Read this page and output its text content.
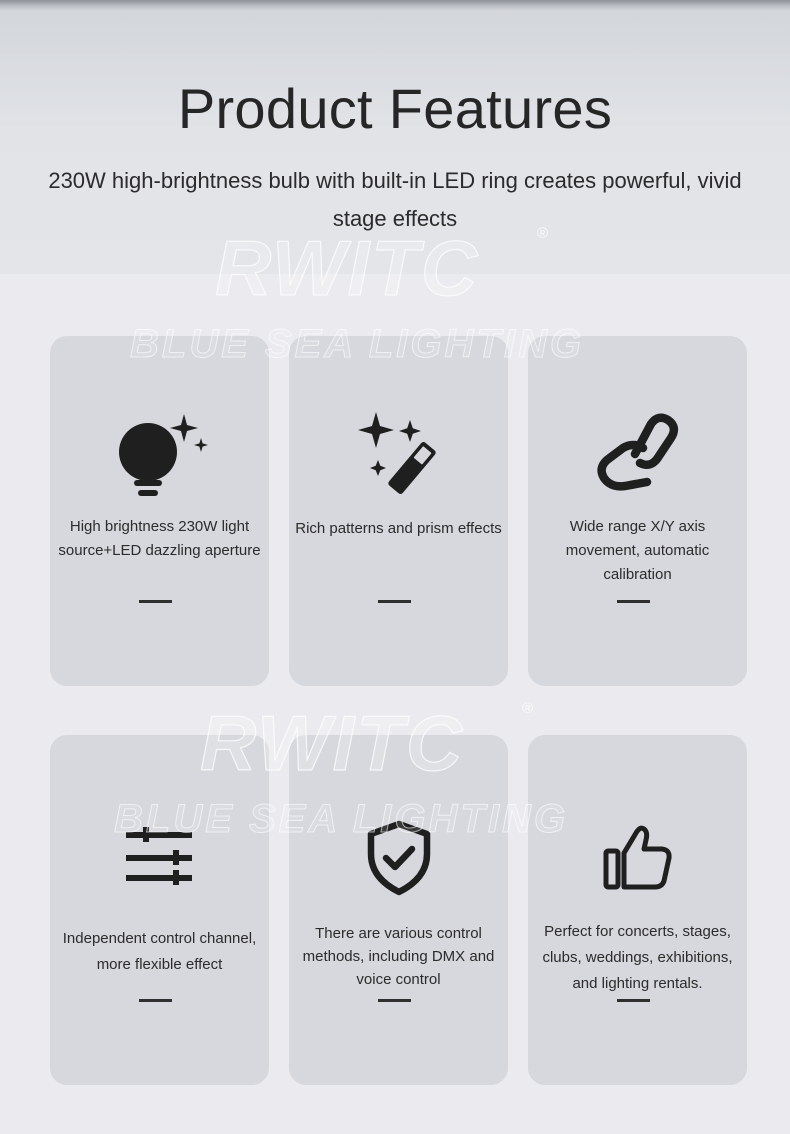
Product Features

230W high-brightness bulb with built-in LED ring creates powerful, vivid stage effects

High brightness 230W light source+LED dazzling aperture

Rich patterns and prism effects	Wide range X/Y axis movement, automatic calibration

Independent control channel, more flexible effect

There are various control methods, including DMX and voice control

Perfect for concerts, stages, clubs, weddings, exhibitions, and lighting rentals.

RWITC	®
RWITC	®
